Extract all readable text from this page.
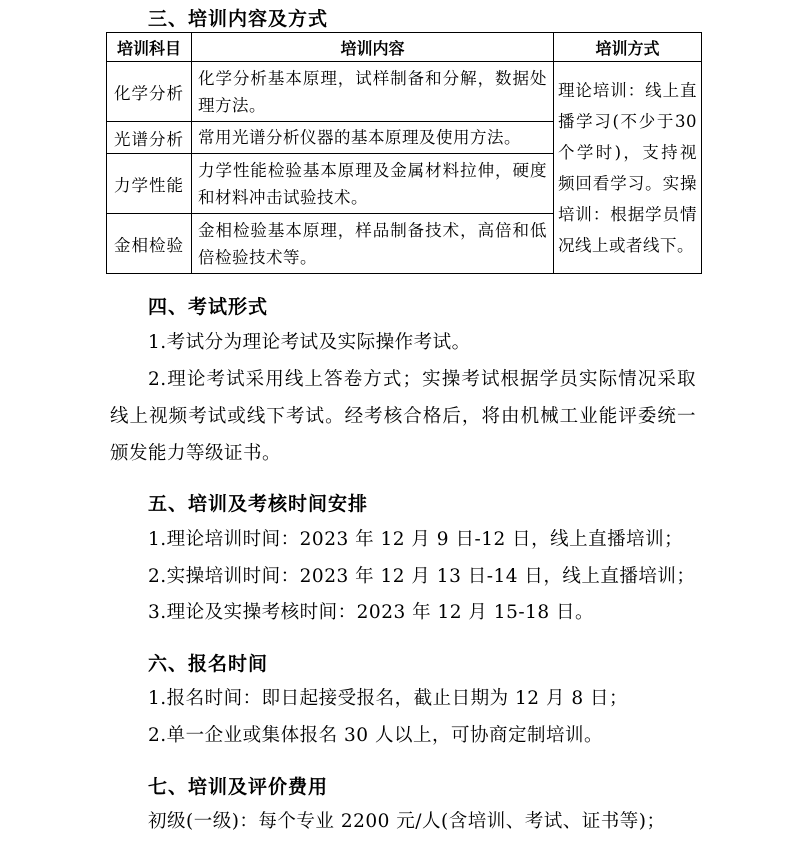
三、培训内容及方式
培训科目	培训内容	培训方式
化学分析	化学分析基本原理，试样制备和分解，数据处理方法。	理论培训：线上直播学习(不少于30个学时)，支持视频回看学习。实操培训：根据学员情况线上或者线下。
光谱分析	常用光谱分析仪器的基本原理及使用方法。	
力学性能	力学性能检验基本原理及金属材料拉伸，硬度和材料冲击试验技术。	
金相检验	金相检验基本原理，样品制备技术，高倍和低倍检验技术等。	
四、考试形式
1.考试分为理论考试及实际操作考试。
2.理论考试采用线上答卷方式；实操考试根据学员实际情况采取线上视频考试或线下考试。经考核合格后，将由机械工业能评委统一颁发能力等级证书。
五、培训及考核时间安排
1.理论培训时间：2023 年 12 月 9 日-12 日，线上直播培训；
2.实操培训时间：2023 年 12 月 13 日-14 日，线上直播培训；
3.理论及实操考核时间：2023 年 12 月 15-18 日。
六、报名时间
1.报名时间：即日起接受报名，截止日期为 12 月 8 日；
2.单一企业或集体报名 30 人以上，可协商定制培训。
七、培训及评价费用
初级(一级)：每个专业 2200 元/人(含培训、考试、证书等)；
